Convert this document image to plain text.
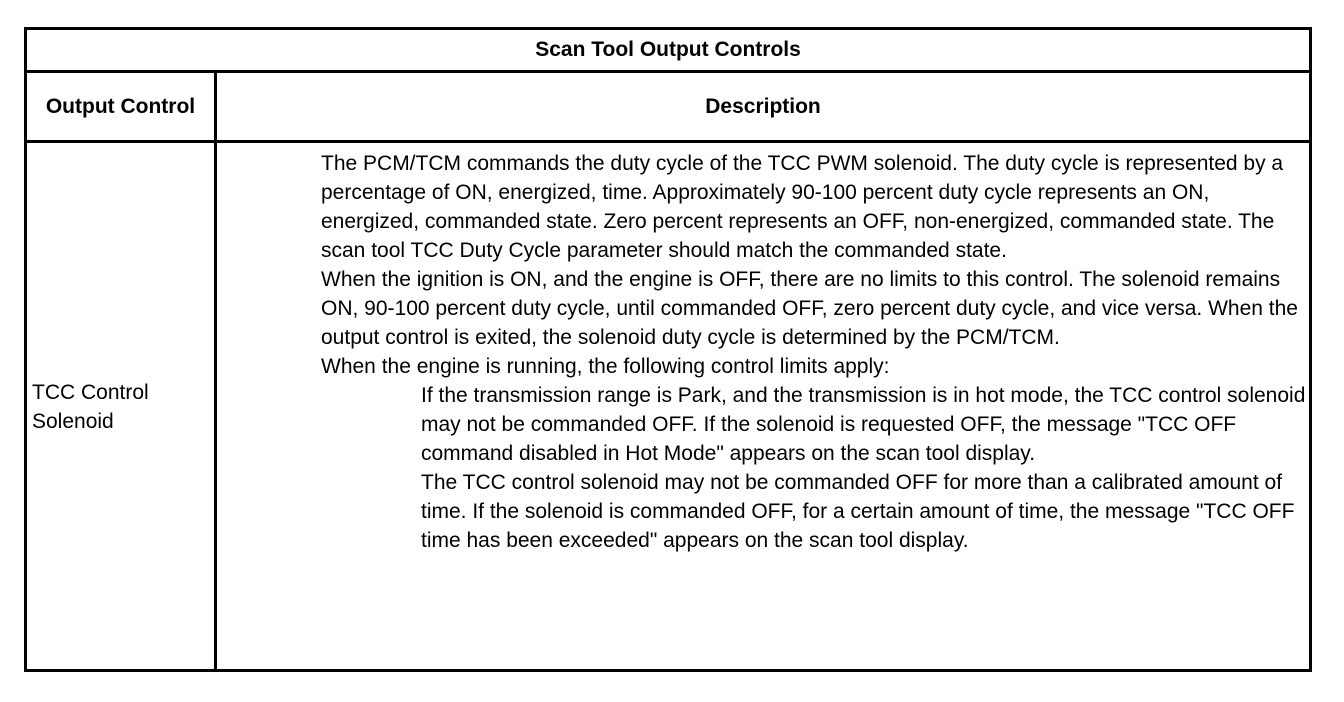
Scan Tool Output Controls
Output Control	Description
TCC Control Solenoid

The PCM/TCM commands the duty cycle of the TCC PWM solenoid. The duty cycle is represented by a percentage of ON, energized, time. Approximately 90-100 percent duty cycle represents an ON, energized, commanded state. Zero percent represents an OFF, non-energized, commanded state. The scan tool TCC Duty Cycle parameter should match the commanded state.

When the ignition is ON, and the engine is OFF, there are no limits to this control. The solenoid remains ON, 90-100 percent duty cycle, until commanded OFF, zero percent duty cycle, and vice versa. When the output control is exited, the solenoid duty cycle is determined by the PCM/TCM.

When the engine is running, the following control limits apply:

If the transmission range is Park, and the transmission is in hot mode, the TCC control solenoid may not be commanded OFF. If the solenoid is requested OFF, the message "TCC OFF command disabled in Hot Mode" appears on the scan tool display.

The TCC control solenoid may not be commanded OFF for more than a calibrated amount of time. If the solenoid is commanded OFF, for a certain amount of time, the message "TCC OFF time has been exceeded" appears on the scan tool display.
